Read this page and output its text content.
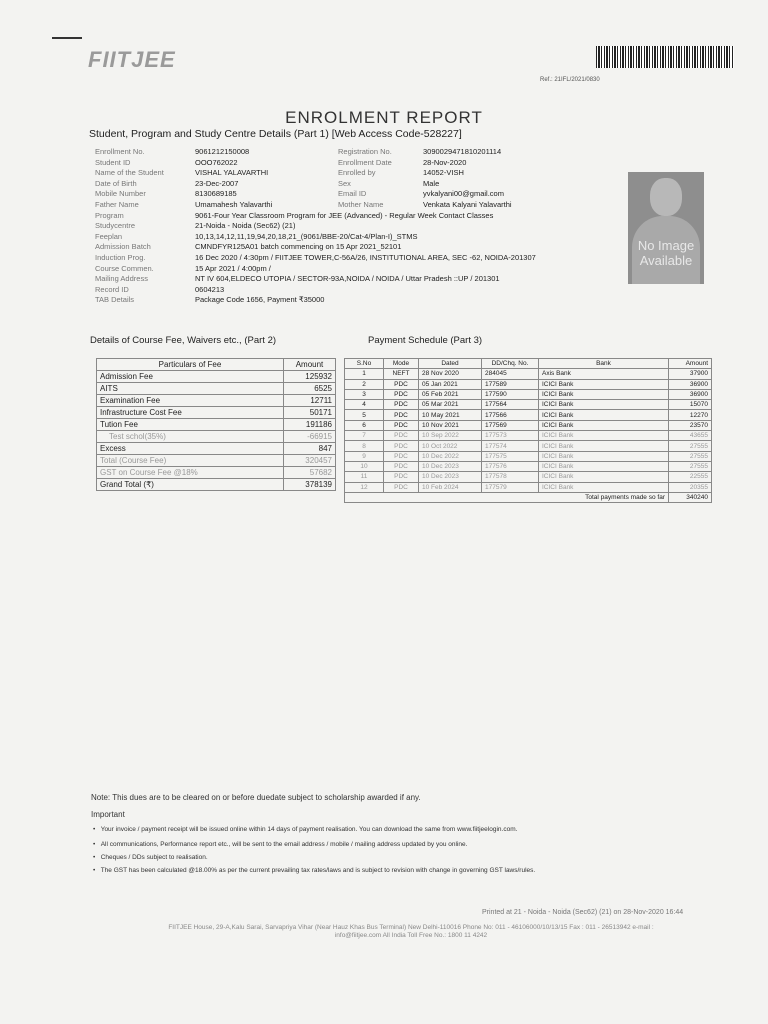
FIITJEE
Ref.: 21IFL/2021/0830
ENROLMENT REPORT
Student, Program and Study Centre Details (Part 1) [Web Access Code-528227]
Enrollment No.	9061212150008	Registration No.	3090029471810201114
Student ID	OOO762022	Enrollment Date	28-Nov-2020
Name of the Student	VISHAL YALAVARTHI	Enrolled by	14052-VISH
Date of Birth	23-Dec-2007	Sex	Male
Mobile Number	8130689185	Email ID	yvkalyani00@gmail.com
Father Name	Umamahesh Yalavarthi	Mother Name	Venkata Kalyani Yalavarthi
Program	9061-Four Year Classroom Program for JEE (Advanced) - Regular Week Contact Classes
Studycentre	21-Noida - Noida (Sec62) (21)
Feeplan	10,13,14,12,11,19,94,20,18,21_(9061/BBE-20/Cat-4/Plan-I)_STMS
Admission Batch	CMNDFYR125A01 batch commencing on 15 Apr 2021_52101
Induction Prog.	16 Dec 2020 / 4:30pm / FIITJEE TOWER,C-56A/26, INSTITUTIONAL AREA, SEC -62, NOIDA-201307
Course Commen.	15 Apr 2021 / 4:00pm /
Mailing Address	NT IV 604,ELDECO UTOPIA / SECTOR-93A,NOIDA / NOIDA / Uttar Pradesh ::UP / 201301
Record ID	0604213
TAB Details	Package Code 1656, Payment ₹35000
No Image Available
Details of Course Fee, Waivers etc., (Part 2)	Payment Schedule (Part 3)
Particulars of Fee	Amount
Admission Fee	125932
AITS	6525
Examination Fee	12711
Infrastructure Cost Fee	50171
Tution Fee	191186
Test schol(35%)	-66915
Excess	847
Total (Course Fee)	320457
GST on Course Fee @18%	57682
Grand Total (₹)	378139
S.No	Mode	Dated	DD/Chq. No.	Bank	Amount
1	NEFT	28 Nov 2020	284045	Axis Bank	37900
2	PDC	05 Jan 2021	177589	ICICI Bank	36900
3	PDC	05 Feb 2021	177590	ICICI Bank	36900
4	PDC	05 Mar 2021	177564	ICICI Bank	15070
5	PDC	10 May 2021	177566	ICICI Bank	12270
6	PDC	10 Nov 2021	177569	ICICI Bank	23570
7	PDC	10 Sep 2022	177573	ICICI Bank	43655
8	PDC	10 Oct 2022	177574	ICICI Bank	27555
9	PDC	10 Dec 2022	177575	ICICI Bank	27555
10	PDC	10 Dec 2023	177576	ICICI Bank	27555
11	PDC	10 Dec 2023	177578	ICICI Bank	22555
12	PDC	10 Feb 2024	177579	ICICI Bank	20355
Total payments made so far					340240
Note: This dues are to be cleared on or before duedate subject to scholarship awarded if any.
Important
•   Your invoice / payment receipt will be issued online within 14 days of payment realisation. You can download the same from www.fiitjeelogin.com.
•   All communications, Performance report etc., will be sent to the email address / mobile / mailing address updated by you online.
•   Cheques / DDs subject to realisation.
•   The GST has been calculated @18.00% as per the current prevailing tax rates/laws and is subject to revision with change in governing GST laws/rules.
Printed at 21 - Noida - Noida (Sec62) (21) on 28-Nov-2020 16:44
FIITJEE House, 29-A,Kalu Sarai, Sarvapriya Vihar (Near Hauz Khas Bus Terminal) New Delhi-110016 Phone No: 011 - 46106000/10/13/15 Fax : 011 - 26513942 e-mail :
info@fiitjee.com All India Toll Free No.: 1800 11 4242
